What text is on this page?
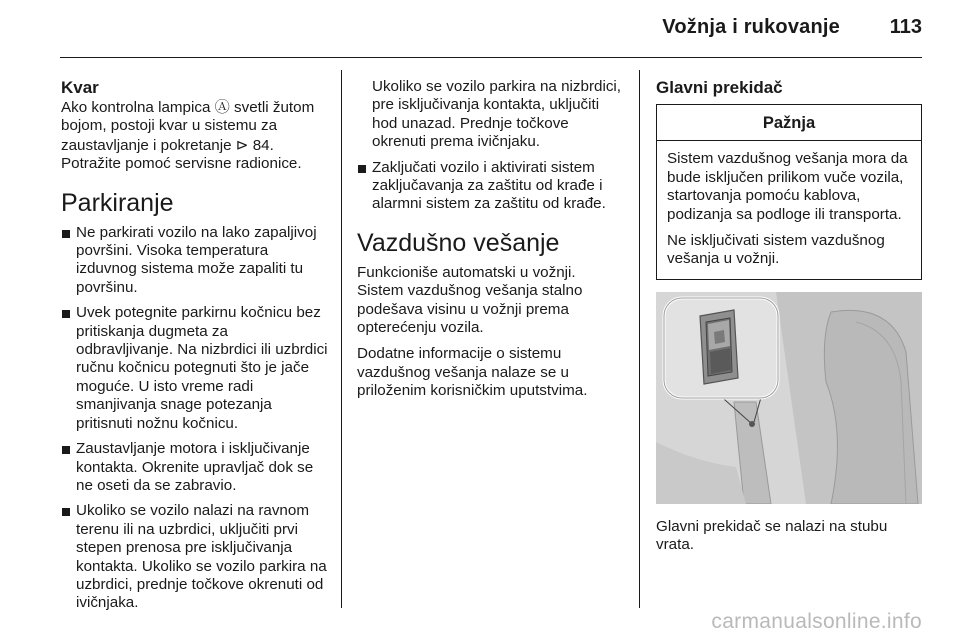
Vožnja i rukovanje	113
Kvar

Ako kontrolna lampica Ⓐ svetli žutom bojom, postoji kvar u sistemu za zaustavljanje i pokretanje ⊳ 84.

Potražite pomoć servisne radionice.

Parkiranje
Ne parkirati vozilo na lako zapaljivoj površini. Visoka temperatura izduvnog sistema može zapaliti tu površinu.
Uvek potegnite parkirnu kočnicu bez pritiskanja dugmeta za odbravljivanje. Na nizbrdici ili uzbrdici ručnu kočnicu potegnuti što je jače moguće. U isto vreme radi smanjivanja snage potezanja pritisnuti nožnu kočnicu.
Zaustavljanje motora i isključivanje kontakta. Okrenite upravljač dok se ne oseti da se zabravio.
Ukoliko se vozilo nalazi na ravnom terenu ili na uzbrdici, uključiti prvi stepen prenosa pre isključivanja kontakta. Ukoliko se vozilo parkira na uzbrdici, prednje točkove okrenuti od ivičnjaka.

Ukoliko se vozilo parkira na nizbrdici, pre isključivanja kontakta, uključiti hod unazad. Prednje točkove okrenuti prema ivičnjaku.

Zaključati vozilo i aktivirati sistem zaključavanja za zaštitu od krađe i alarmni sistem za zaštitu od krađe.
Vazdušno vešanje

Funkcioniše automatski u vožnji. Sistem vazdušnog vešanja stalno podešava visinu u vožnji prema opterećenju vozila.

Dodatne informacije o sistemu vazdušnog vešanja nalaze se u priloženim korisničkim uputstvima.

Glavni prekidač
Pažnja

Sistem vazdušnog vešanja mora da bude isključen prilikom vuče vozila, startovanja pomoću kablova, podizanja sa podloge ili transporta.

Ne isključivati sistem vazdušnog vešanja u vožnji.

Glavni prekidač se nalazi na stubu vrata.

carmanualsonline.info
